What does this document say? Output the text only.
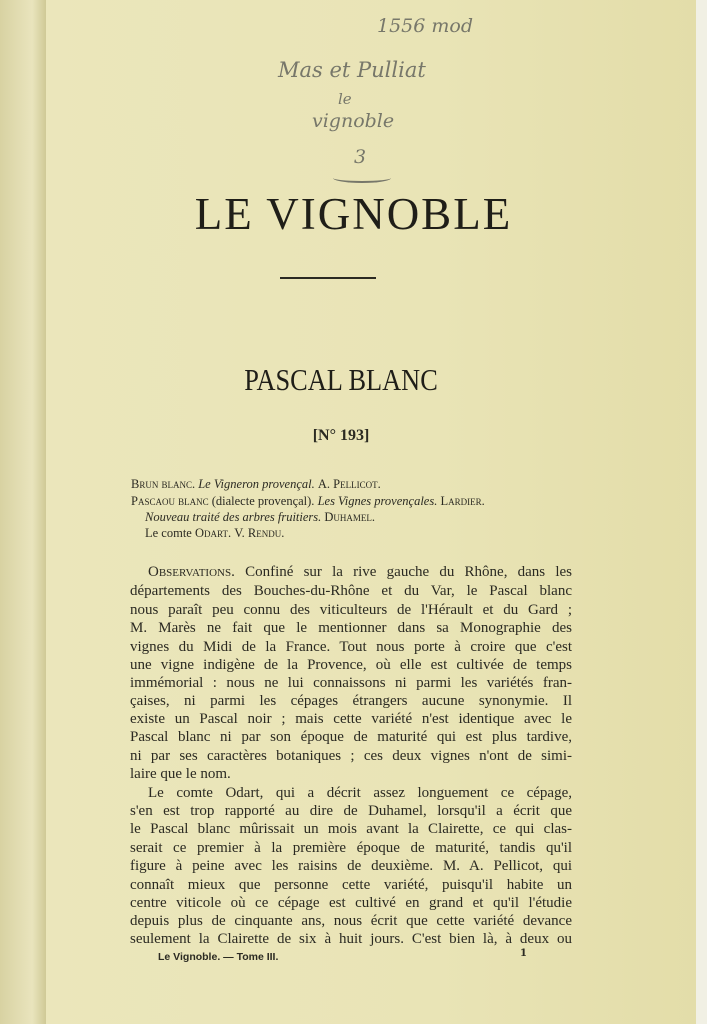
1556 mod
Mas et Pulliat
le
vignoble
3
LE VIGNOBLE
PASCAL BLANC
[N° 193]
Brun blanc. Le Vigneron provençal. A. Pellicot.
Pascaou blanc (dialecte provençal). Les Vignes provençales. Lardier.
Nouveau traité des arbres fruitiers. Duhamel.
Le comte Odart. V. Rendu.
Observations. Confiné sur la rive gauche du Rhône, dans les
départements des Bouches-du-Rhône et du Var, le Pascal blanc
nous paraît peu connu des viticulteurs de l'Hérault et du Gard ;
M. Marès ne fait que le mentionner dans sa Monographie des
vignes du Midi de la France. Tout nous porte à croire que c'est
une vigne indigène de la Provence, où elle est cultivée de temps
immémorial : nous ne lui connaissons ni parmi les variétés fran-
çaises, ni parmi les cépages étrangers aucune synonymie. Il
existe un Pascal noir ; mais cette variété n'est identique avec le
Pascal blanc ni par son époque de maturité qui est plus tardive,
ni par ses caractères botaniques ; ces deux vignes n'ont de simi-
laire que le nom.
Le comte Odart, qui a décrit assez longuement ce cépage,
s'en est trop rapporté au dire de Duhamel, lorsqu'il a écrit que
le Pascal blanc mûrissait un mois avant la Clairette, ce qui clas-
serait ce premier à la première époque de maturité, tandis qu'il
figure à peine avec les raisins de deuxième. M. A. Pellicot, qui
connaît mieux que personne cette variété, puisqu'il habite un
centre viticole où ce cépage est cultivé en grand et qu'il l'étudie
depuis plus de cinquante ans, nous écrit que cette variété devance
seulement la Clairette de six à huit jours. C'est bien là, à deux ou
Le Vignoble. — Tome III.	1
